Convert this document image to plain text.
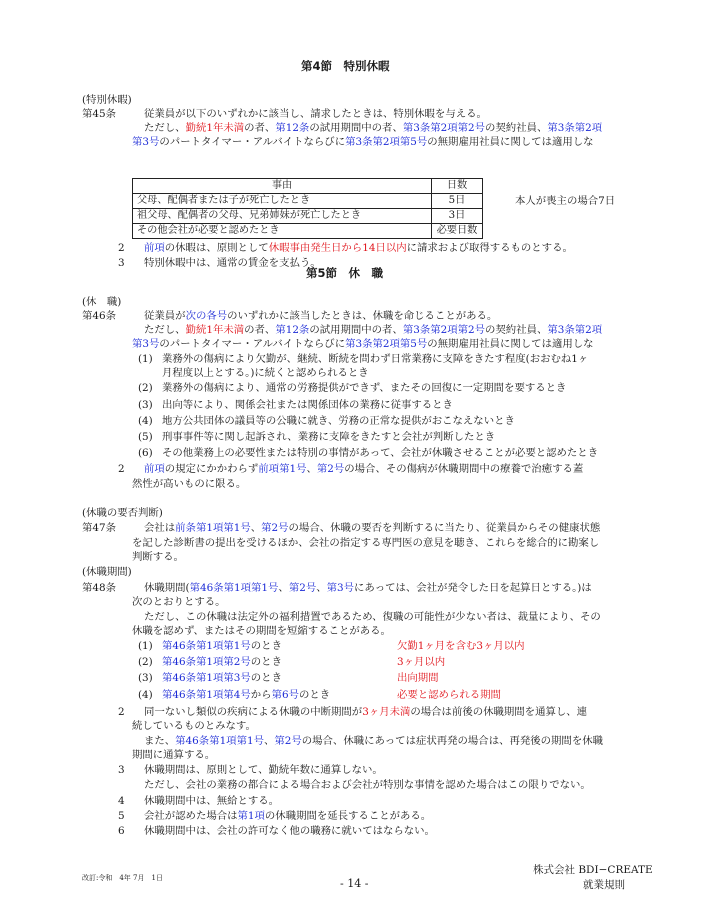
第4節　特別休暇
(特別休暇)
第45条	従業員が以下のいずれかに該当し、請求したときは、特別休暇を与える。
ただし、勤続1年未満の者、第12条の試用期間中の者、第3条第2項第2号の契約社員、第3条第2項
第3号のパートタイマー・アルバイトならびに第3条第2項第5号の無期雇用社員に関しては適用しな
事由	日数
父母、配偶者または子が死亡したとき	5日
祖父母、配偶者の父母、兄弟姉妹が死亡したとき	3日
その他会社が必要と認めたとき	必要日数
本人が喪主の場合7日
2 前項の休暇は、原則として休暇事由発生日から14日以内に請求および取得するものとする。
3 特別休暇中は、通常の賃金を支払う。
第5節　休　職
(休　職)
第46条	従業員が次の各号のいずれかに該当したときは、休職を命じることがある。
ただし、勤続1年未満の者、第12条の試用期間中の者、第3条第2項第2号の契約社員、第3条第2項
第3号のパートタイマー・アルバイトならびに第3条第2項第5号の無期雇用社員に関しては適用しな
(1) 業務外の傷病により欠勤が、継続、断続を問わず日常業務に支障をきたす程度(おおむね1ヶ
月程度以上とする。)に続くと認められるとき
(2) 業務外の傷病により、通常の労務提供ができず、またその回復に一定期間を要するとき
(3) 出向等により、関係会社または関係団体の業務に従事するとき
(4) 地方公共団体の議員等の公職に就き、労務の正常な提供がおこなえないとき
(5) 刑事事件等に関し起訴され、業務に支障をきたすと会社が判断したとき
(6) その他業務上の必要性または特別の事情があって、会社が休職させることが必要と認めたとき
2 前項の規定にかかわらず前項第1号、第2号の場合、その傷病が休職期間中の療養で治癒する蓋
然性が高いものに限る。
(休職の要否判断)
第47条	会社は前条第1項第1号、第2号の場合、休職の要否を判断するに当たり、従業員からその健康状態
を記した診断書の提出を受けるほか、会社の指定する専門医の意見を聴き、これらを総合的に勘案し
判断する。
(休職期間)
第48条	休職期間(第46条第1項第1号、第2号、第3号にあっては、会社が発令した日を起算日とする。)は
次のとおりとする。
ただし、この休職は法定外の福利措置であるため、復職の可能性が少ない者は、裁量により、その
休職を認めず、またはその期間を短縮することがある。
(1) 第46条第1項第1号のとき	欠勤1ヶ月を含む3ヶ月以内
(2) 第46条第1項第2号のとき	3ヶ月以内
(3) 第46条第1項第3号のとき	出向期間
(4) 第46条第1項第4号から第6号のとき	必要と認められる期間
2 同一ないし類似の疾病による休職の中断期間が3ヶ月未満の場合は前後の休職期間を通算し、連
続しているものとみなす。
また、第46条第1項第1号、第2号の場合、休職にあっては症状再発の場合は、再発後の期間を休職
期間に通算する。
3 休職期間は、原則として、勤続年数に通算しない。
ただし、会社の業務の都合による場合および会社が特別な事情を認めた場合はこの限りでない。
4 休職期間中は、無給とする。
5 会社が認めた場合は第1項の休職期間を延長することがある。
6 休職期間中は、会社の許可なく他の職務に就いてはならない。
改訂:令和　4年 7月　1日	- 14 -
株式会社 BDI−CREATE
就業規則
